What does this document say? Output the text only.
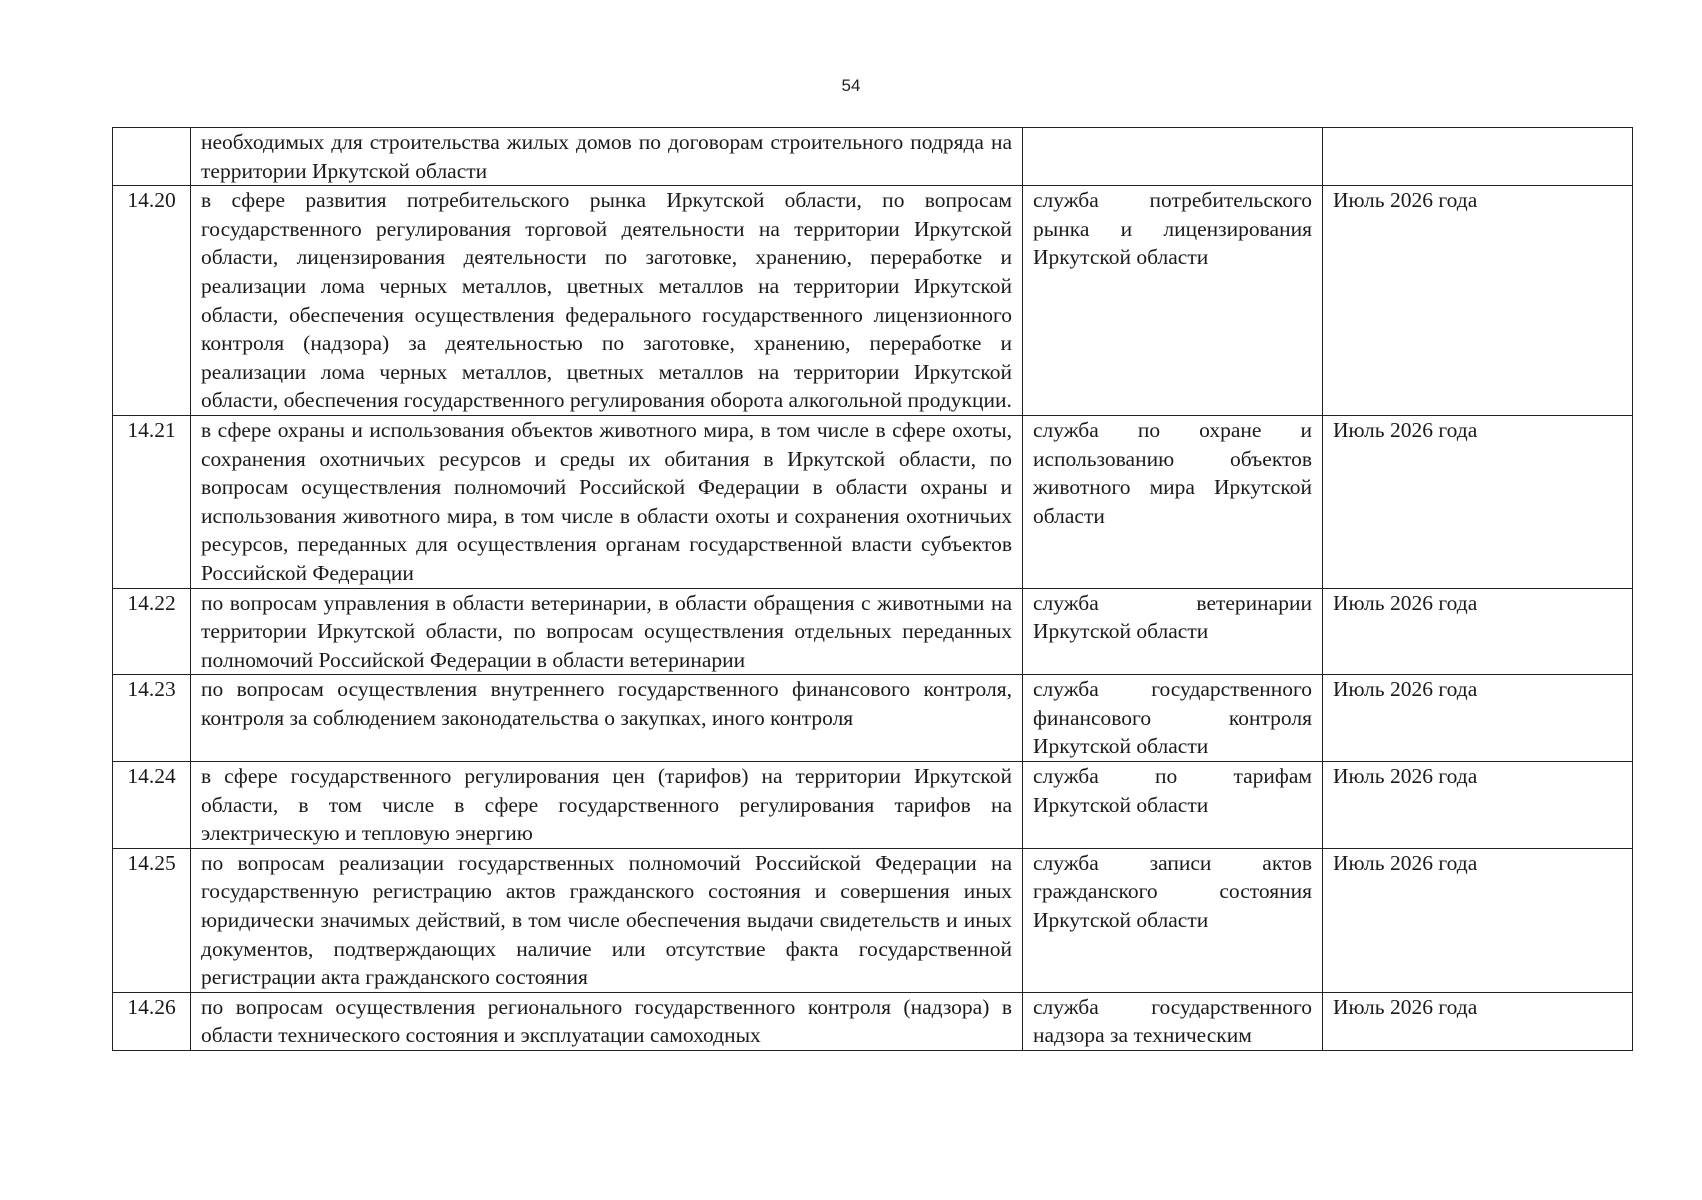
54
	необходимых для строительства жилых домов по договорам строительного подряда на территории Иркутской области		
14.20	в сфере развития потребительского рынка Иркутской области, по вопросам государственного регулирования торговой деятельности на территории Иркутской области, лицензирования деятельности по заготовке, хранению, переработке и реализации лома черных металлов, цветных металлов на территории Иркутской области, обеспечения осуществления федерального государственного лицензионного контроля (надзора) за деятельностью по заготовке, хранению, переработке и реализации лома черных металлов, цветных металлов на территории Иркутской области, обеспечения государственного регулирования оборота алкогольной продукции.	служба потребительского рынка и лицензирования Иркутской области	Июль 2026 года
14.21	в сфере охраны и использования объектов животного мира, в том числе в сфере охоты, сохранения охотничьих ресурсов и среды их обитания в Иркутской области, по вопросам осуществления полномочий Российской Федерации в области охраны и использования животного мира, в том числе в области охоты и сохранения охотничьих ресурсов, переданных для осуществления органам государственной власти субъектов Российской Федерации	служба по охране и использованию объектов животного мира Иркутской области	Июль 2026 года
14.22	по вопросам управления в области ветеринарии, в области обращения с животными на территории Иркутской области, по вопросам осуществления отдельных переданных полномочий Российской Федерации в области ветеринарии	служба ветеринарии Иркутской области	Июль 2026 года
14.23	по вопросам осуществления внутреннего государственного финансового контроля, контроля за соблюдением законодательства о закупках, иного контроля	служба государственного финансового контроля Иркутской области	Июль 2026 года
14.24	в сфере государственного регулирования цен (тарифов) на территории Иркутской области, в том числе в сфере государственного регулирования тарифов на электрическую и тепловую энергию	служба по тарифам Иркутской области	Июль 2026 года
14.25	по вопросам реализации государственных полномочий Российской Федерации на государственную регистрацию актов гражданского состояния и совершения иных юридически значимых действий, в том числе обеспечения выдачи свидетельств и иных документов, подтверждающих наличие или отсутствие факта государственной регистрации акта гражданского состояния	служба записи актов гражданского состояния Иркутской области	Июль 2026 года

14.26	по вопросам осуществления регионального государственного контроля (надзора) в области технического состояния и эксплуатации самоходных	служба государственного надзора за техническим	Июль 2026 года
